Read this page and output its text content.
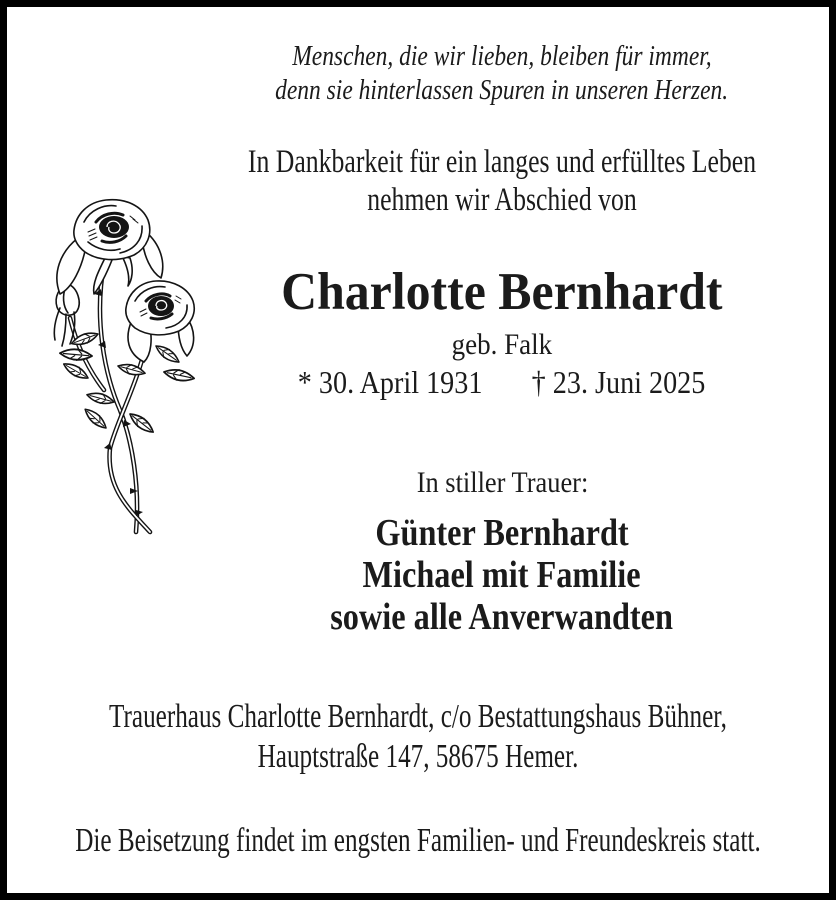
Menschen, die wir lieben, bleiben für immer,
denn sie hinterlassen Spuren in unseren Herzen.
In Dankbarkeit für ein langes und erfülltes Leben
nehmen wir Abschied von
Charlotte Bernhardt
geb. Falk
* 30. April 1931 † 23. Juni 2025
In stiller Trauer:
Günter Bernhardt
Michael mit Familie
sowie alle Anverwandten
Trauerhaus Charlotte Bernhardt, c/o Bestattungshaus Bühner,
Hauptstraße 147, 58675 Hemer.
Die Beisetzung findet im engsten Familien- und Freundeskreis statt.
